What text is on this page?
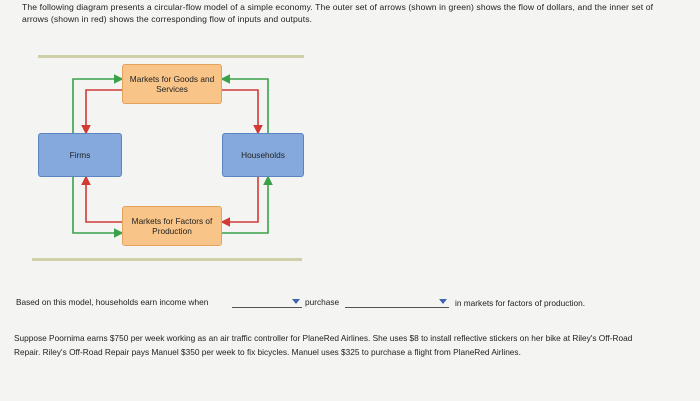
The following diagram presents a circular-flow model of a simple economy. The outer set of arrows (shown in green) shows the flow of dollars, and the inner set of arrows (shown in red) shows the corresponding flow of inputs and outputs.
Markets for Goods and Services
Markets for Factors of Production
Firms	Households
Based on this model, households earn income when	purchase	in markets for factors of production.
Suppose Poornima earns $750 per week working as an air traffic controller for PlaneRed Airlines. She uses $8 to install reflective stickers on her bike at Riley's Off-Road Repair. Riley's Off-Road Repair pays Manuel $350 per week to fix bicycles. Manuel uses $325 to purchase a flight from PlaneRed Airlines.
